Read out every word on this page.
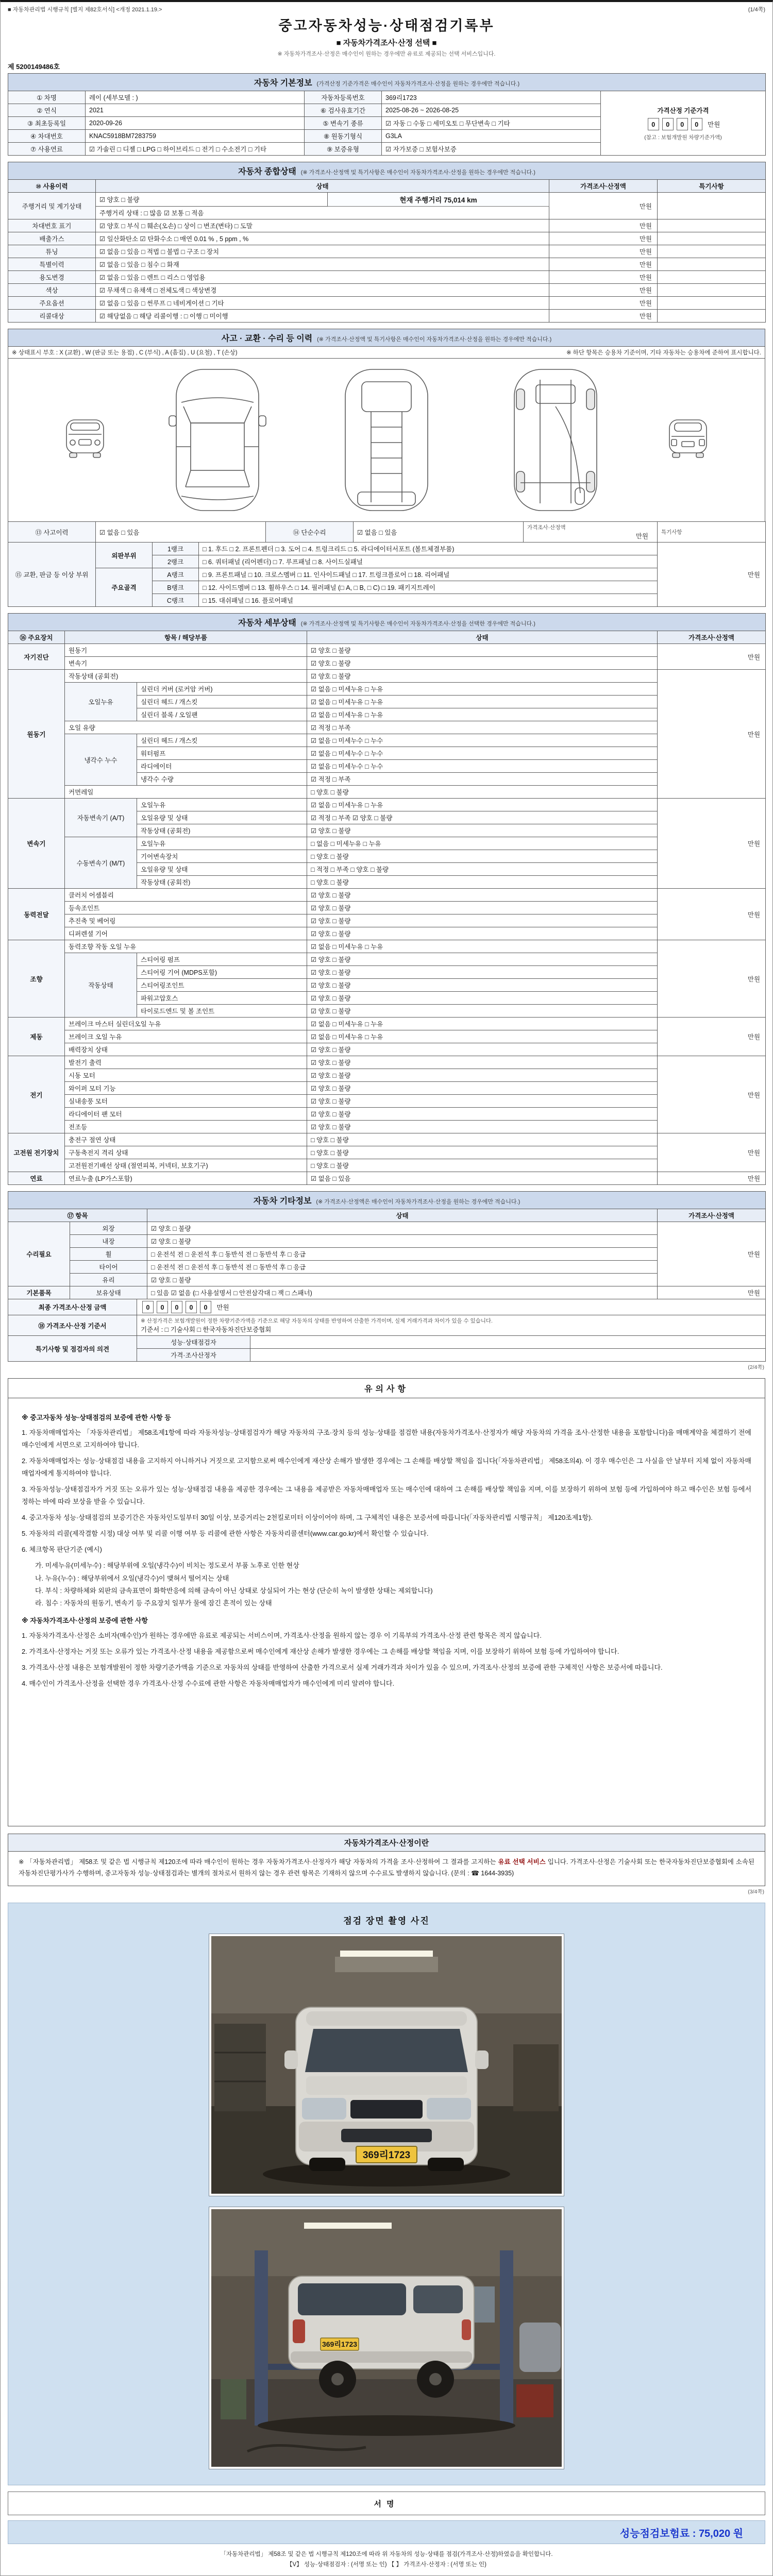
■ 자동차관리법 시행규칙 [별지 제82호서식] <개정 2021.1.19.>	(1/4쪽)
중고자동차성능·상태점검기록부
■ 자동차가격조사·산정 선택 ■
※ 자동차가격조사·산정은 매수인이 원하는 경우에만 유료로 제공되는 선택 서비스입니다.
제 5200149486호
자동차 기본정보 (가격산정 기준가격은 매수인이 자동차가격조사·산정을 원하는 경우에만 적습니다.)				
① 차명	레이 (세부모델 : )	자동차등록번호	369리1723	가격산정 기준가격
0 0 0 0 만원
(참고 : 보험개발원 차량기준가액)

② 연식	2021	⑥ 검사유효기간	2025-08-26 ~ 2026-08-25	
③ 최초등록일	2020-09-26	⑤ 변속기 종류	☑ 자동 □ 수동 □ 세미오토 □ 무단변속 □ 기타	
④ 차대번호	KNAC5918BM7283759	⑧ 원동기형식	G3LA	
⑦ 사용연료	☑ 가솔린 □ 디젤 □ LPG □ 하이브리드 □ 전기 □ 수소전기 □ 기타	⑨ 보증유형	☑ 자가보증 □ 보험사보증	
자동차 종합상태 (※ 가격조사·산정액 및 특기사항은 매수인이 자동차가격조사·산정을 원하는 경우에만 적습니다.)				
⑩ 사용이력	상태		가격조사·산정액	특기사항
주행거리 및 계기상태	☑ 양호 □ 불량	현재 주행거리 75,014 km	만원	
	주행거리 상태 : □ 많음 ☑ 보통 □ 적음			
차대번호 표기	☑ 양호 □ 부식 □ 훼손(오손) □ 상이 □ 변조(변타) □ 도말		만원	
배출가스	☑ 일산화탄소 ☑ 탄화수소 □ 매연 0.01 % , 5 ppm , %		만원	
튜닝	☑ 없음 □ 있음 □ 적법 □ 불법 □ 구조 □ 장치		만원	
특별이력	☑ 없음 □ 있음 □ 침수 □ 화재		만원	
용도변경	☑ 없음 □ 있음 □ 렌트 □ 리스 □ 영업용		만원	
색상	☑ 무채색 □ 유채색 □ 전체도색 □ 색상변경		만원	
주요옵션	☑ 없음 □ 있음 □ 썬루프 □ 네비게이션 □ 기타		만원	
리콜대상	☑ 해당없음 □ 해당 리콜이행 : □ 이행 □ 미이행		만원	
사고 · 교환 · 수리 등 이력 (※ 가격조사·산정액 및 특기사항은 매수인이 자동차가격조사·산정을 원하는 경우에만 적습니다.)

※ 상태표시 부호 : X (교환) , W (판금 또는 용접) , C (부식) , A (흠집) , U (요철) , T (손상)	※ 하단 항목은 승용차 기준이며, 기타 자동차는 승용차에 준하여 표시합니다.

⑬ 사고이력	☑ 없음 □ 있음	⑭ 단순수리	☑ 없음 □ 있음	
가격조사·산정액
만원

특기사항
⑮ 교환, 판금 등 이상 부위	외판부위	1랭크	□ 1. 후드 □ 2. 프론트펜더 □ 3. 도어 □ 4. 트렁크리드 □ 5. 라디에이터서포트 (볼트체결부품)	만원
		2랭크	□ 6. 쿼터패널 (리어펜더) □ 7. 루프패널 □ 8. 사이드실패널	
	주요골격	A랭크	□ 9. 프론트패널 □ 10. 크로스멤버 □ 11. 인사이드패널 □ 17. 트렁크플로어 □ 18. 리어패널	
		B랭크	□ 12. 사이드멤버 □ 13. 휠하우스 □ 14. 필러패널 (□ A, □ B, □ C) □ 19. 패키지트레이	
		C랭크	□ 15. 대쉬패널 □ 16. 플로어패널	
자동차 세부상태 (※ 가격조사·산정액 및 특기사항은 매수인이 자동차가격조사·산정을 선택한 경우에만 적습니다.)				
⑯ 주요장치	항목 / 해당부품		상태	가격조사·산정액
자기진단	원동기		☑ 양호 □ 불량	만원
	변속기		☑ 양호 □ 불량	
원동기	작동상태 (공회전)		☑ 양호 □ 불량	만원
	오일누유	실린더 커버 (로커암 커버)	☑ 없음 □ 미세누유 □ 누유	
		실린더 헤드 / 개스킷	☑ 없음 □ 미세누유 □ 누유	
		실린더 블록 / 오일팬	☑ 없음 □ 미세누유 □ 누유	
	오일 유량		☑ 적정 □ 부족	
	냉각수 누수	실린더 헤드 / 개스킷	☑ 없음 □ 미세누수 □ 누수	
		워터펌프	☑ 없음 □ 미세누수 □ 누수	
		라디에이터	☑ 없음 □ 미세누수 □ 누수	
		냉각수 수량	☑ 적정 □ 부족	
	커먼레일		□ 양호 □ 불량	
변속기	자동변속기 (A/T)	오일누유	☑ 없음 □ 미세누유 □ 누유	만원
		오일유량 및 상태	☑ 적정 □ 부족 ☑ 양호 □ 불량	
		작동상태 (공회전)	☑ 양호 □ 불량	
	수동변속기 (M/T)	오일누유	□ 없음 □ 미세누유 □ 누유	
		기어변속장치	□ 양호 □ 불량	
		오일유량 및 상태	□ 적정 □ 부족 □ 양호 □ 불량	
		작동상태 (공회전)	□ 양호 □ 불량	
동력전달	클러치 어셈블리		☑ 양호 □ 불량	만원
	등속조인트		☑ 양호 □ 불량	
	추진축 및 베어링		☑ 양호 □ 불량	
	디퍼렌셜 기어		☑ 양호 □ 불량	
조향	동력조향 작동 오일 누유		☑ 없음 □ 미세누유 □ 누유	만원
	작동상태	스티어링 펌프	☑ 양호 □ 불량	
		스티어링 기어 (MDPS포함)	☑ 양호 □ 불량	
		스티어링조인트	☑ 양호 □ 불량	
		파워고압호스	☑ 양호 □ 불량	
		타이로드엔드 및 볼 조인트	☑ 양호 □ 불량	
제동	브레이크 마스터 실린더오일 누유		☑ 없음 □ 미세누유 □ 누유	만원
	브레이크 오일 누유		☑ 없음 □ 미세누유 □ 누유	
	배력장치 상태		☑ 양호 □ 불량	
전기	발전기 출력		☑ 양호 □ 불량	만원
	시동 모터		☑ 양호 □ 불량	
	와이퍼 모터 기능		☑ 양호 □ 불량	
	실내송풍 모터		☑ 양호 □ 불량	
	라디에이터 팬 모터		☑ 양호 □ 불량	
	전조등		☑ 양호 □ 불량	
고전원 전기장치	충전구 절연 상태		□ 양호 □ 불량	만원
	구동축전지 격리 상태		□ 양호 □ 불량	
	고전원전기배선 상태 (절연피복, 커넥터, 보호기구)		□ 양호 □ 불량	
연료	연료누출 (LP가스포함)		☑ 없음 □ 있음	만원
자동차 기타정보 (※ 가격조사·산정액은 매수인이 자동차가격조사·산정을 원하는 경우에만 적습니다.)			
⑰ 항목		상태	가격조사·산정액
수리필요	외장	☑ 양호 □ 불량	만원
	내장	☑ 양호 □ 불량	
	휠	□ 운전석 전 □ 운전석 후 □ 동반석 전 □ 동반석 후 □ 응급	
	타이어	□ 운전석 전 □ 운전석 후 □ 동반석 전 □ 동반석 후 □ 응급	
	유리	☑ 양호 □ 불량	
기본품목	보유상태	□ 있음 ☑ 없음 (□ 사용설명서 □ 안전삼각대 □ 잭 □ 스패너)	만원
최종 가격조사·산정 금액	0 0 0 0 0 만원
⑱ 가격조사·산정 기준서	
※ 산정가격은 보험개발원이 정한 차량기준가액을 기준으로 해당 자동차의 상태를 반영하여 산출한 가격이며, 실제 거래가격과 차이가 있을 수 있습니다.
기준서 : □ 기술사회 □ 한국자동차진단보증협회
특기사항 및 점검자의 의견	성능·상태점검자	
	가격·조사산정자	
(2/4쪽)
유의사항
※ 중고자동차 성능·상태점검의 보증에 관한 사항 등
1. 자동차매매업자는 「자동차관리법」 제58조제1항에 따라 자동차성능·상태점검자가 해당 자동차의 구조·장치 등의 성능·상태를 점검한 내용(자동차가격조사·산정자가 해당 자동차의 가격을 조사·산정한 내용을 포함합니다)을 매매계약을 체결하기 전에 매수인에게 서면으로 고지하여야 합니다.
2. 자동차매매업자는 성능·상태점검 내용을 고지하지 아니하거나 거짓으로 고지함으로써 매수인에게 재산상 손해가 발생한 경우에는 그 손해를 배상할 책임을 집니다(「자동차관리법」 제58조의4). 이 경우 매수인은 그 사실을 안 날부터 지체 없이 자동차매매업자에게 통지하여야 합니다.
3. 자동차성능·상태점검자가 거짓 또는 오류가 있는 성능·상태점검 내용을 제공한 경우에는 그 내용을 제공받은 자동차매매업자 또는 매수인에 대하여 그 손해를 배상할 책임을 지며, 이를 보장하기 위하여 보험 등에 가입하여야 하고 매수인은 보험 등에서 정하는 바에 따라 보상을 받을 수 있습니다.
4. 중고자동차 성능·상태점검의 보증기간은 자동차인도일부터 30일 이상, 보증거리는 2천킬로미터 이상이어야 하며, 그 구체적인 내용은 보증서에 따릅니다(「자동차관리법 시행규칙」 제120조제1항).
5. 자동차의 리콜(제작결함 시정) 대상 여부 및 리콜 이행 여부 등 리콜에 관한 사항은 자동차리콜센터(www.car.go.kr)에서 확인할 수 있습니다.
6. 체크항목 판단기준 (예시)
가. 미세누유(미세누수) : 해당부위에 오일(냉각수)이 비치는 정도로서 부품 노후로 인한 현상
나. 누유(누수) : 해당부위에서 오일(냉각수)이 맺혀서 떨어지는 상태
다. 부식 : 차량하체와 외판의 금속표면이 화학반응에 의해 금속이 아닌 상태로 상실되어 가는 현상 (단순히 녹이 발생한 상태는 제외합니다)
라. 침수 : 자동차의 원동기, 변속기 등 주요장치 일부가 물에 잠긴 흔적이 있는 상태
※ 자동차가격조사·산정의 보증에 관한 사항
1. 자동차가격조사·산정은 소비자(매수인)가 원하는 경우에만 유료로 제공되는 서비스이며, 가격조사·산정을 원하지 않는 경우 이 기록부의 가격조사·산정 관련 항목은 적지 않습니다.
2. 가격조사·산정자는 거짓 또는 오류가 있는 가격조사·산정 내용을 제공함으로써 매수인에게 재산상 손해가 발생한 경우에는 그 손해를 배상할 책임을 지며, 이를 보장하기 위하여 보험 등에 가입하여야 합니다.
3. 가격조사·산정 내용은 보험개발원이 정한 차량기준가액을 기준으로 자동차의 상태를 반영하여 산출한 가격으로서 실제 거래가격과 차이가 있을 수 있으며, 가격조사·산정의 보증에 관한 구체적인 사항은 보증서에 따릅니다.
4. 매수인이 가격조사·산정을 선택한 경우 가격조사·산정 수수료에 관한 사항은 자동차매매업자가 매수인에게 미리 알려야 합니다.
자동차가격조사·산정이란
※ 「자동차관리법」 제58조 및 같은 법 시행규칙 제120조에 따라 매수인이 원하는 경우 자동차가격조사·산정자가 해당 자동차의 가격을 조사·산정하여 그 결과를 고지하는 유료 선택 서비스 입니다. 가격조사·산정은 기술사회 또는 한국자동차진단보증협회에 소속된 자동차진단평가사가 수행하며, 중고자동차 성능·상태점검과는 별개의 절차로서 원하지 않는 경우 관련 항목은 기재하지 않으며 수수료도 발생하지 않습니다. (문의 : ☎ 1644-3935)
(3/4쪽)
점검 장면 촬영 사진
369리1723
369리1723
서명
성능점검보험료 : 75,020 원
「자동차관리법」 제58조 및 같은 법 시행규칙 제120조에 따라 위 자동차의 성능·상태를 점검(가격조사·산정)하였음을 확인합니다.
【V】 성능·상태점검자 : (서명 또는 인) 【 】 가격조사·산정자 : (서명 또는 인)
